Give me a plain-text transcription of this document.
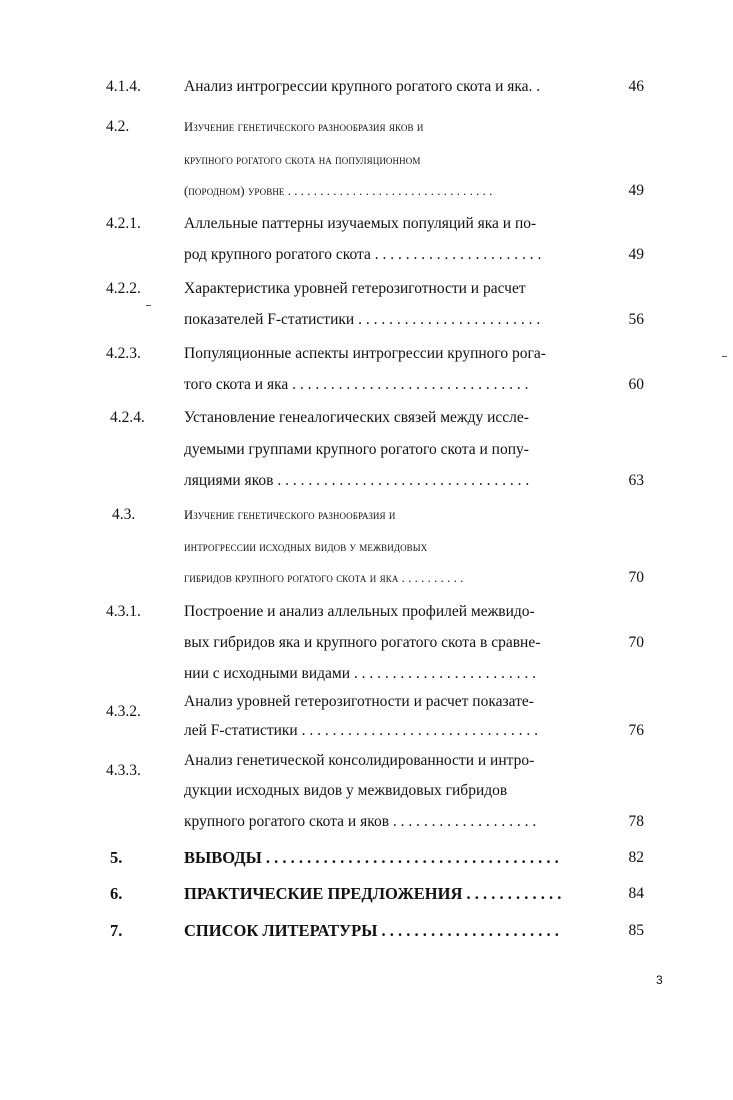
4.1.4.	Анализ интрогрессии крупного рогатого скота и яка. .	46
4.2.	Изучение генетического разнообразия яков и
крупного рогатого скота на популяционном
(породном) уровне . . . . . . . . . . . . . . . . . . . . . . . . . . . . . . . .	49
4.2.1.	Аллельные паттерны изучаемых популяций яка и по-
род крупного рогатого скота . . . . . . . . . . . . . . . . . . . . . .	49
4.2.2.	Характеристика уровней гетерозиготности и расчет
показателей F-статистики . . . . . . . . . . . . . . . . . . . . . . . .	56
4.2.3.	Популяционные аспекты интрогрессии крупного рога-
того скота и яка . . . . . . . . . . . . . . . . . . . . . . . . . . . . . . .	60
4.2.4.	Установление генеалогических связей между иссле-
дуемыми группами крупного рогатого скота и попу-
ляциями яков . . . . . . . . . . . . . . . . . . . . . . . . . . . . . . . . .	63
4.3.	Изучение генетического разнообразия и
интрогрессии исходных видов у межвидовых
гибридов крупного рогатого скота и яка . . . . . . . . . .	70
4.3.1.	Построение и анализ аллельных профилей межвидо-
вых гибридов яка и крупного рогатого скота в сравне-	70
нии с исходными видами . . . . . . . . . . . . . . . . . . . . . . . .
4.3.2.
Анализ уровней гетерозиготности и расчет показате-
лей F-статистики . . . . . . . . . . . . . . . . . . . . . . . . . . . . . . .	76
4.3.3.
Анализ генетической консолидированности и интро-
дукции исходных видов у межвидовых гибридов
крупного рогатого скота и яков . . . . . . . . . . . . . . . . . . .	78
5.	ВЫВОДЫ . . . . . . . . . . . . . . . . . . . . . . . . . . . . . . . . . . . .	82
6.	ПРАКТИЧЕСКИЕ ПРЕДЛОЖЕНИЯ . . . . . . . . . . . .	84
7.	СПИСОК ЛИТЕРАТУРЫ . . . . . . . . . . . . . . . . . . . . . .	85
3
